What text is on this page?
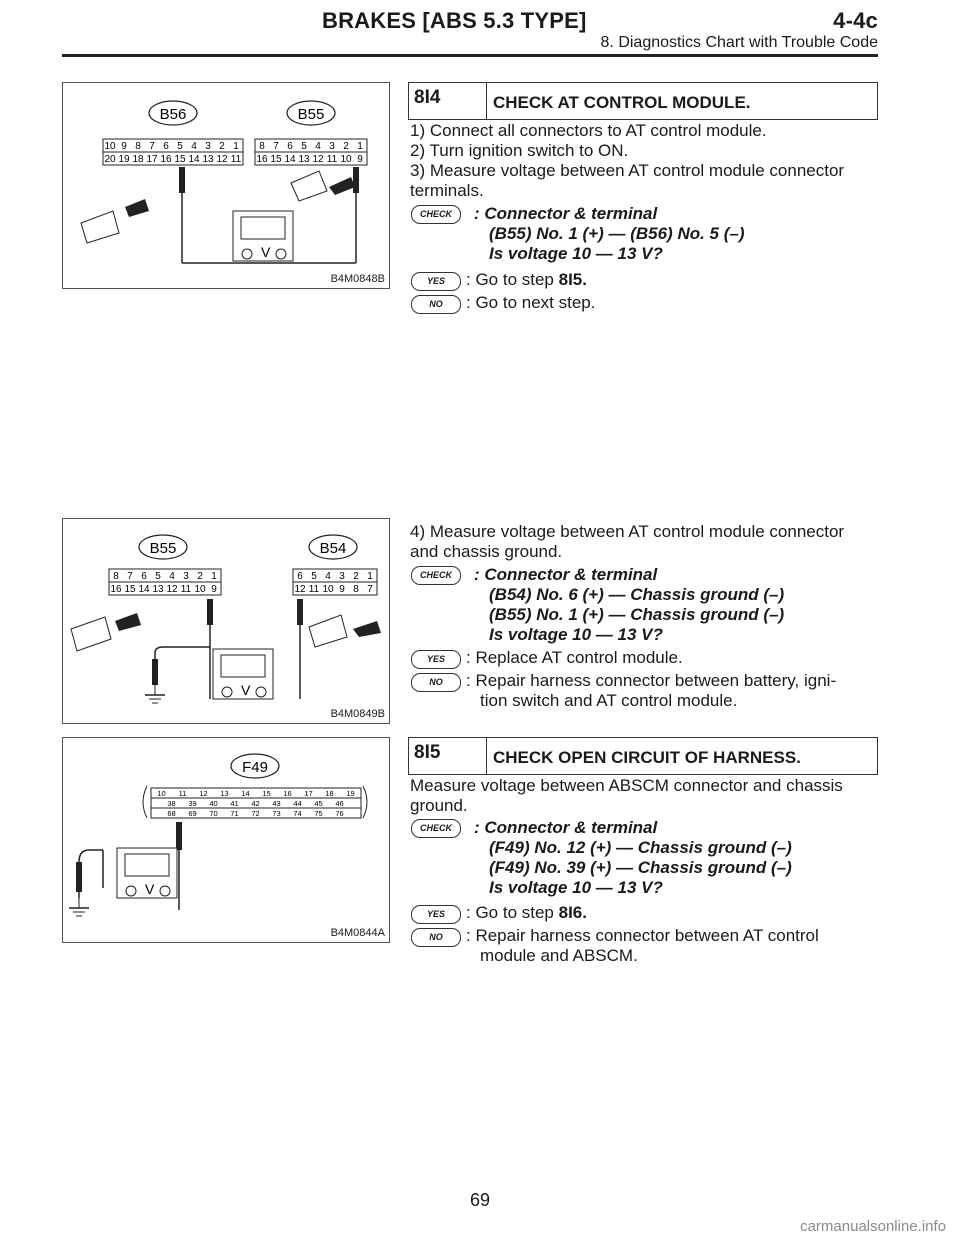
BRAKES [ABS 5.3 TYPE]	4-4c
8. Diagnostics Chart with Trouble Code
B56	B55
10 9 8 7 6 5 4 3 2 1
20 19 18 17 16 15 14 13 12 11
8 7 6 5 4 3 2 1
16 15 14 13 12 11 10 9
V
B4M0848B
8I4	CHECK AT CONTROL MODULE.
1) Connect all connectors to AT control module.
2) Turn ignition switch to ON.
3) Measure voltage between AT control module connector
terminals.
CHECK	: Connector & terminal
(B55) No. 1 (+) — (B56) No. 5 (–)
Is voltage 10 — 13 V?
YES	: Go to step 8I5.
NO	: Go to next step.
B55	B54
8 7 6 5 4 3 2 1
16 15 14 13 12 11 10 9
6 5 4 3 2 1
12 11 10 9 8 7
V
B4M0849B
4) Measure voltage between AT control module connector
and chassis ground.
CHECK	: Connector & terminal
(B54) No. 6 (+) — Chassis ground (–)
(B55) No. 1 (+) — Chassis ground (–)
Is voltage 10 — 13 V?
YES	: Replace AT control module.
NO	: Repair harness connector between battery, igni-
tion switch and AT control module.
F49
10 11 12 13 14 15 16 17 18 19
38 39 40 41 42 43 44 45 46
68 69 70 71 72 73 74 75 76
V
B4M0844A
8I5	CHECK OPEN CIRCUIT OF HARNESS.
Measure voltage between ABSCM connector and chassis
ground.
CHECK	: Connector & terminal
(F49) No. 12 (+) — Chassis ground (–)
(F49) No. 39 (+) — Chassis ground (–)
Is voltage 10 — 13 V?
YES	: Go to step 8I6.
NO	: Repair harness connector between AT control
module and ABSCM.
69
carmanualsonline.info
